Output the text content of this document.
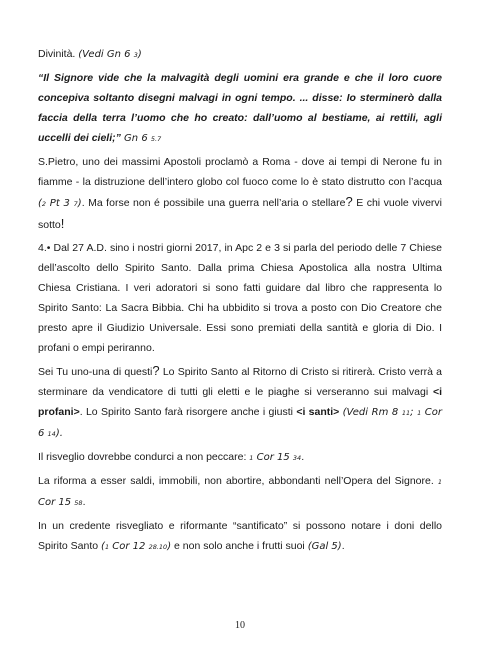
Divinità. (Vedi Gn 6 3)

“Il Signore vide che la malvagità degli uomini era grande e che il loro cuore concepiva soltanto disegni malvagi in ogni tempo. ... disse: Io sterminerò dalla faccia della terra l’uomo che ho creato: dall’uomo al bestiame, ai rettili, agli uccelli dei cieli;” Gn 6 5.7

S.Pietro, uno dei massimi Apostoli proclamò a Roma - dove ai tempi di Nerone fu in fiamme - la distruzione dell’intero globo col fuoco come lo è stato distrutto con l’acqua (2 Pt 3 7). Ma forse non é possibile una guerra nell’aria o stellare? E chi vuole vivervi sotto!

4.• Dal 27 A.D. sino i nostri giorni 2017, in Apc 2 e 3 si parla del periodo delle 7 Chiese dell’ascolto dello Spirito Santo. Dalla prima Chiesa Apostolica alla nostra Ultima Chiesa Cristiana. I veri adoratori si sono fatti guidare dal libro che rappresenta lo Spirito Santo: La Sacra Bibbia. Chi ha ubbidito si trova a posto con Dio Creatore che presto apre il Giudizio Universale. Essi sono premiati della santità e gloria di Dio. I profani o empi periranno.

Sei Tu uno-una di questi? Lo Spirito Santo al Ritorno di Cristo si ritirerà. Cristo verrà a sterminare da vendicatore di tutti gli eletti e le piaghe si verseranno sui malvagi <i profani>. Lo Spirito Santo farà risorgere anche i giusti <i santi> (Vedi Rm 8 11; 1 Cor 6 14).

Il risveglio dovrebbe condurci a non peccare: 1 Cor 15 34.

La riforma a esser saldi, immobili, non abortire, abbondanti nell’Opera del Signore. 1 Cor 15 58.

In un credente risvegliato e riformante “santificato” si possono notare i doni dello Spirito Santo (1 Cor 12 28.10) e non solo anche i frutti suoi (Gal 5).

10
